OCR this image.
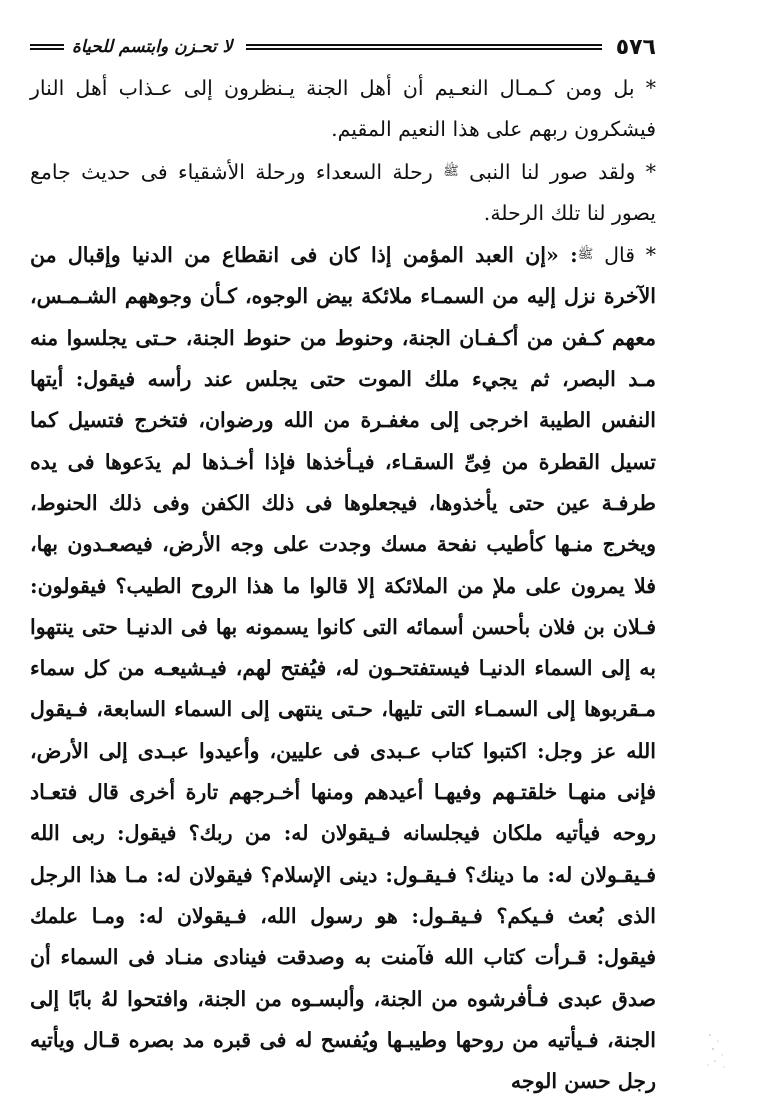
٥٧٦
لا تحـزن وابتسم للحياة

* بل ومن كـمـال النعـيم أن أهل الجنة يـنظرون إلى عـذاب أهل النار فيشكرون ربهم على هذا النعيم المقيم.

* ولقد صور لنا النبى ﷺ رحلة السعداء ورحلة الأشقياء فى حديث جامع يصور لنا تلك الرحلة.

* قال ﷺ: «إن العبد المؤمن إذا كان فى انقطاع من الدنيا وإقبال من الآخرة نزل إليه من السمـاء ملائكة بيض الوجوه، كـأن وجوههم الشـمـس، معهم كـفن من أكـفـان الجنة، وحنوط من حنوط الجنة، حـتى يجلسوا منه مـد البصر، ثم يجيء ملك الموت حتى يجلس عند رأسه فيقول: أيتها النفس الطيبة اخرجى إلى مغفـرة من الله ورضوان، فتخرج فتسيل كما تسيل القطرة من فِىِّ السقـاء، فيـأخذها فإذا أخـذها لم يدَعوها فى يده طرفـة عين حتى يأخذوها، فيجعلوها فى ذلك الكفن وفى ذلك الحنوط، ويخرج منـها كأطيب نفحة مسك وجدت على وجه الأرض، فيصعـدون بها، فلا يمرون على ملإ من الملائكة إلا قالوا ما هذا الروح الطيب؟ فيقولون: فـلان بن فلان بأحسن أسمائه التى كانوا يسمونه بها فى الدنيـا حتى ينتهوا به إلى السماء الدنيـا فيستفتحـون له، فيُفتح لهم، فيـشيعـه من كل سماء مـقربوها إلى السمـاء التى تليها، حـتى ينتهى إلى السماء السابعة، فـيقول الله عز وجل: اكتبوا كتاب عـبدى فى عليين، وأعيدوا عبـدى إلى الأرض، فإنى منهـا خلقتـهم وفيهـا أعيدهم ومنها أخـرجهم تارة أخرى قال فتعـاد روحه فيأتيه ملكان فيجلسانه فـيقولان له: من ربك؟ فيقول: ربى الله فـيقـولان له: ما دينك؟ فـيقـول: دينى الإسلام؟ فيقولان له: مـا هذا الرجل الذى بُعث فـيكم؟ فـيقـول: هو رسول الله، فـيقولان له: ومـا علمك فيقول: قـرأت كتاب الله فآمنت به وصدقت فينادى منـاد فى السماء أن صدق عبدى فـأفرشوه من الجنة، وألبسـوه من الجنة، وافتحوا لهُ بابًا إلى الجنة، فـيأتيه من روحها وطيبـها ويُفسح له فى قبره مد بصره قـال ويأتيه رجل حسن الوجه
